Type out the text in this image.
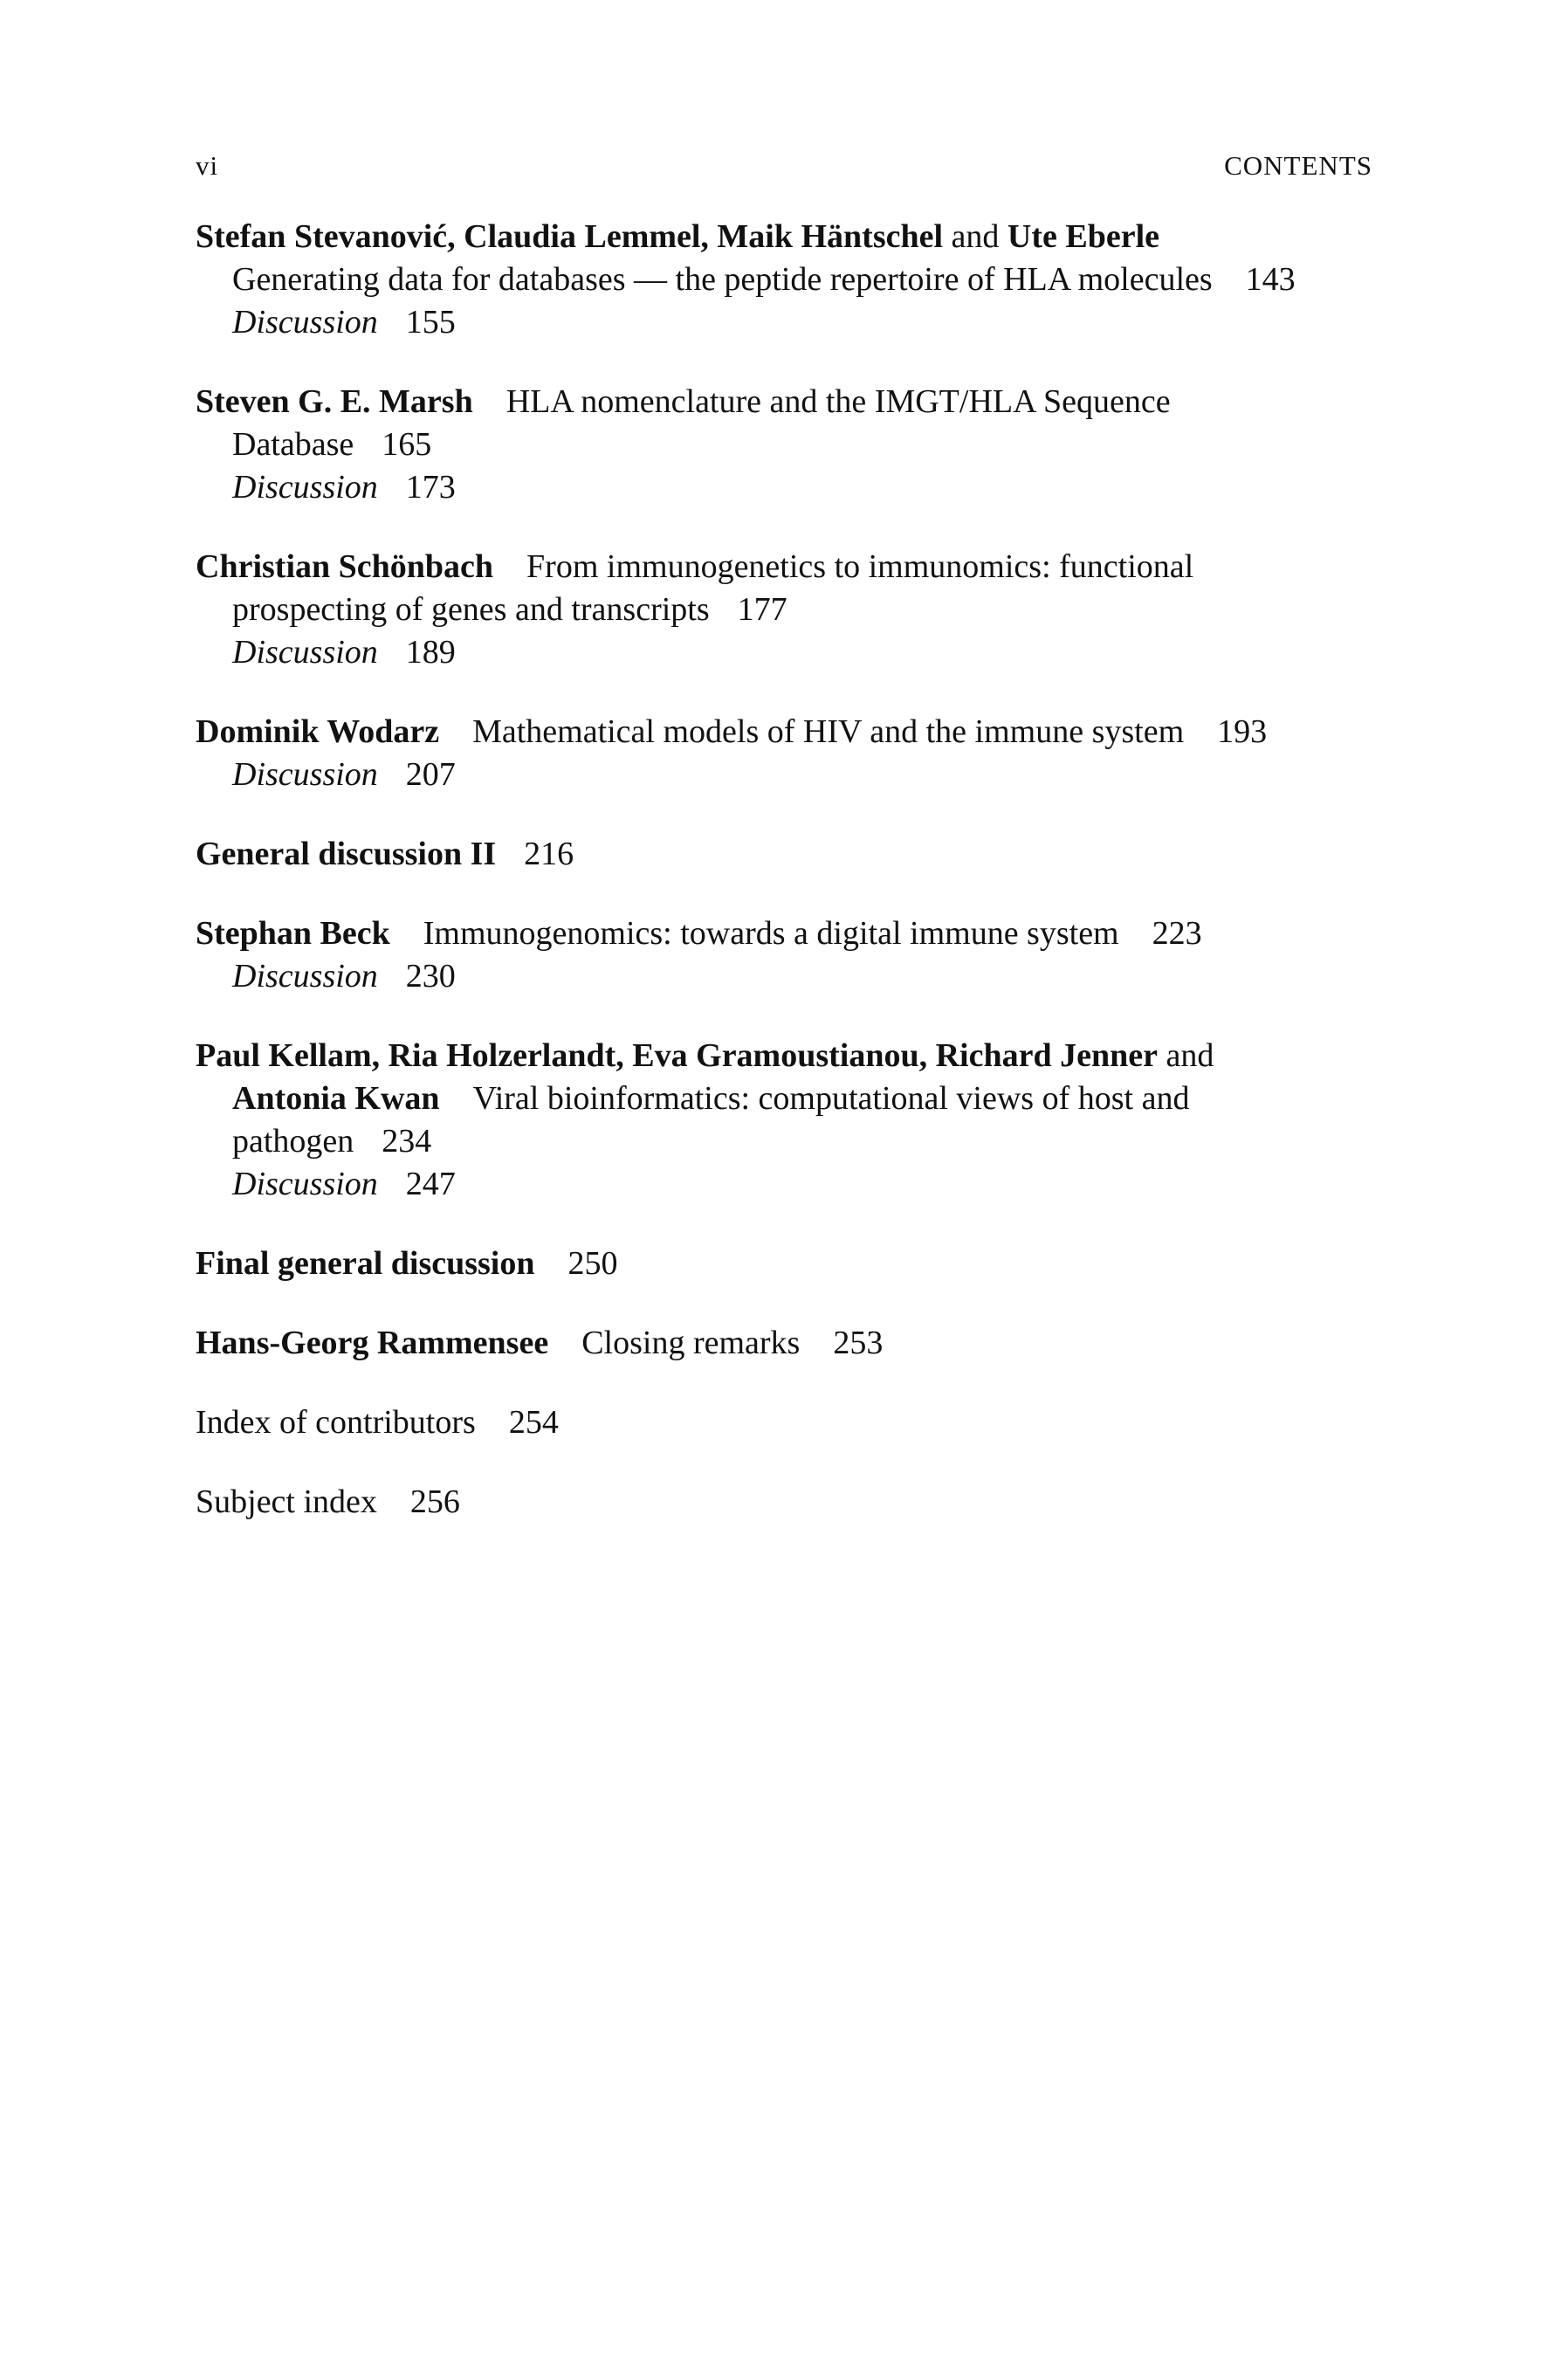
vi	CONTENTS
Stefan Stevanović, Claudia Lemmel, Maik Häntschel and Ute Eberle
Generating data for databases — the peptide repertoire of HLA molecules 143
Discussion 155
Steven G. E. Marsh HLA nomenclature and the IMGT/HLA Sequence
Database 165
Discussion 173
Christian Schönbach From immunogenetics to immunomics: functional
prospecting of genes and transcripts 177
Discussion 189
Dominik Wodarz Mathematical models of HIV and the immune system 193
Discussion 207
General discussion II 216
Stephan Beck Immunogenomics: towards a digital immune system 223
Discussion 230
Paul Kellam, Ria Holzerlandt, Eva Gramoustianou, Richard Jenner and
Antonia Kwan Viral bioinformatics: computational views of host and
pathogen 234
Discussion 247
Final general discussion 250
Hans-Georg Rammensee Closing remarks 253
Index of contributors 254
Subject index 256
